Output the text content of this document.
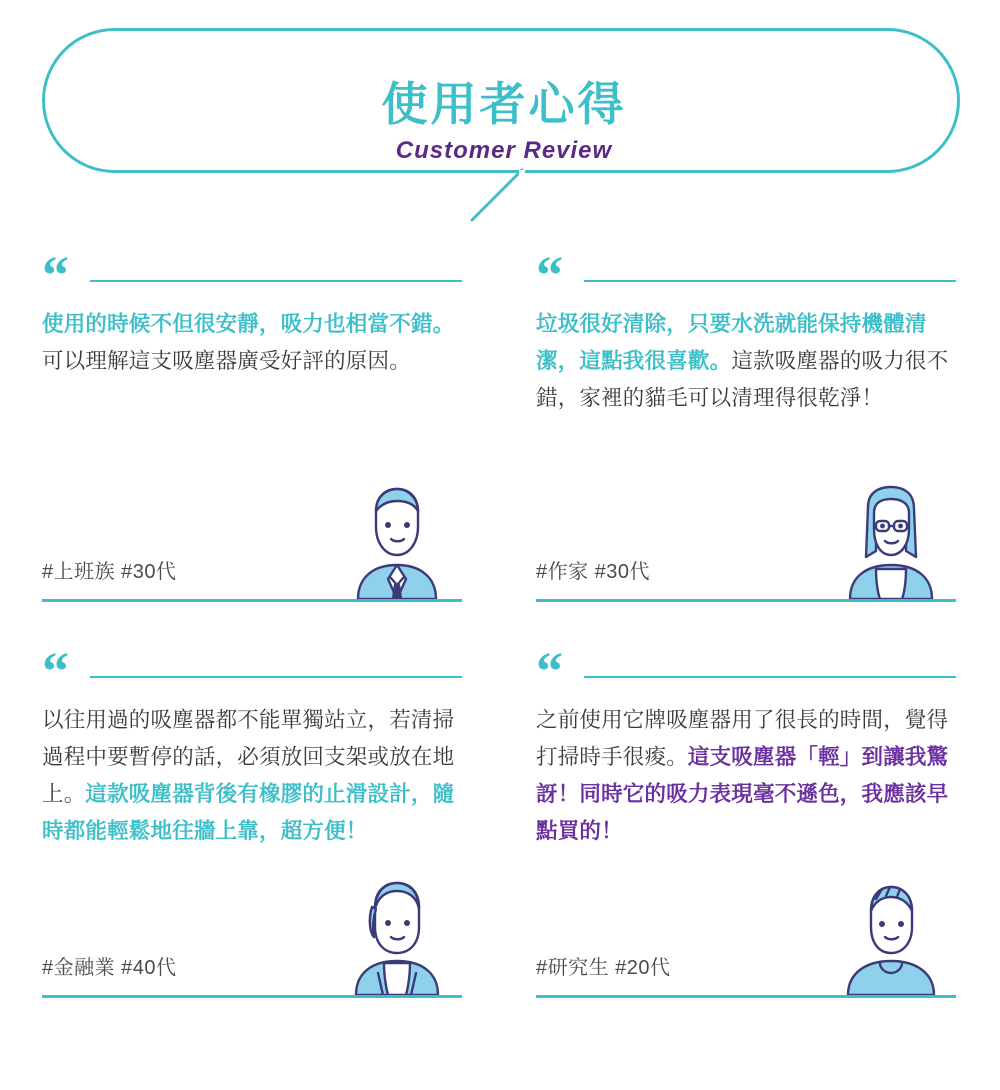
使用者心得
Customer Review
“
使用的時候不但很安靜，吸力也相當不錯。可以理解這支吸塵器廣受好評的原因。
#上班族 #30代
“
垃圾很好清除，只要水洗就能保持機體清潔，這點我很喜歡。這款吸塵器的吸力很不錯，家裡的貓毛可以清理得很乾淨！
#作家 #30代
“
以往用過的吸塵器都不能單獨站立，若清掃過程中要暫停的話，必須放回支架或放在地上。這款吸塵器背後有橡膠的止滑設計，隨時都能輕鬆地往牆上靠，超方便！
#金融業 #40代
“
之前使用它牌吸塵器用了很長的時間，覺得打掃時手很痠。這支吸塵器「輕」到讓我驚訝！同時它的吸力表現毫不遜色，我應該早點買的！
#研究生 #20代
